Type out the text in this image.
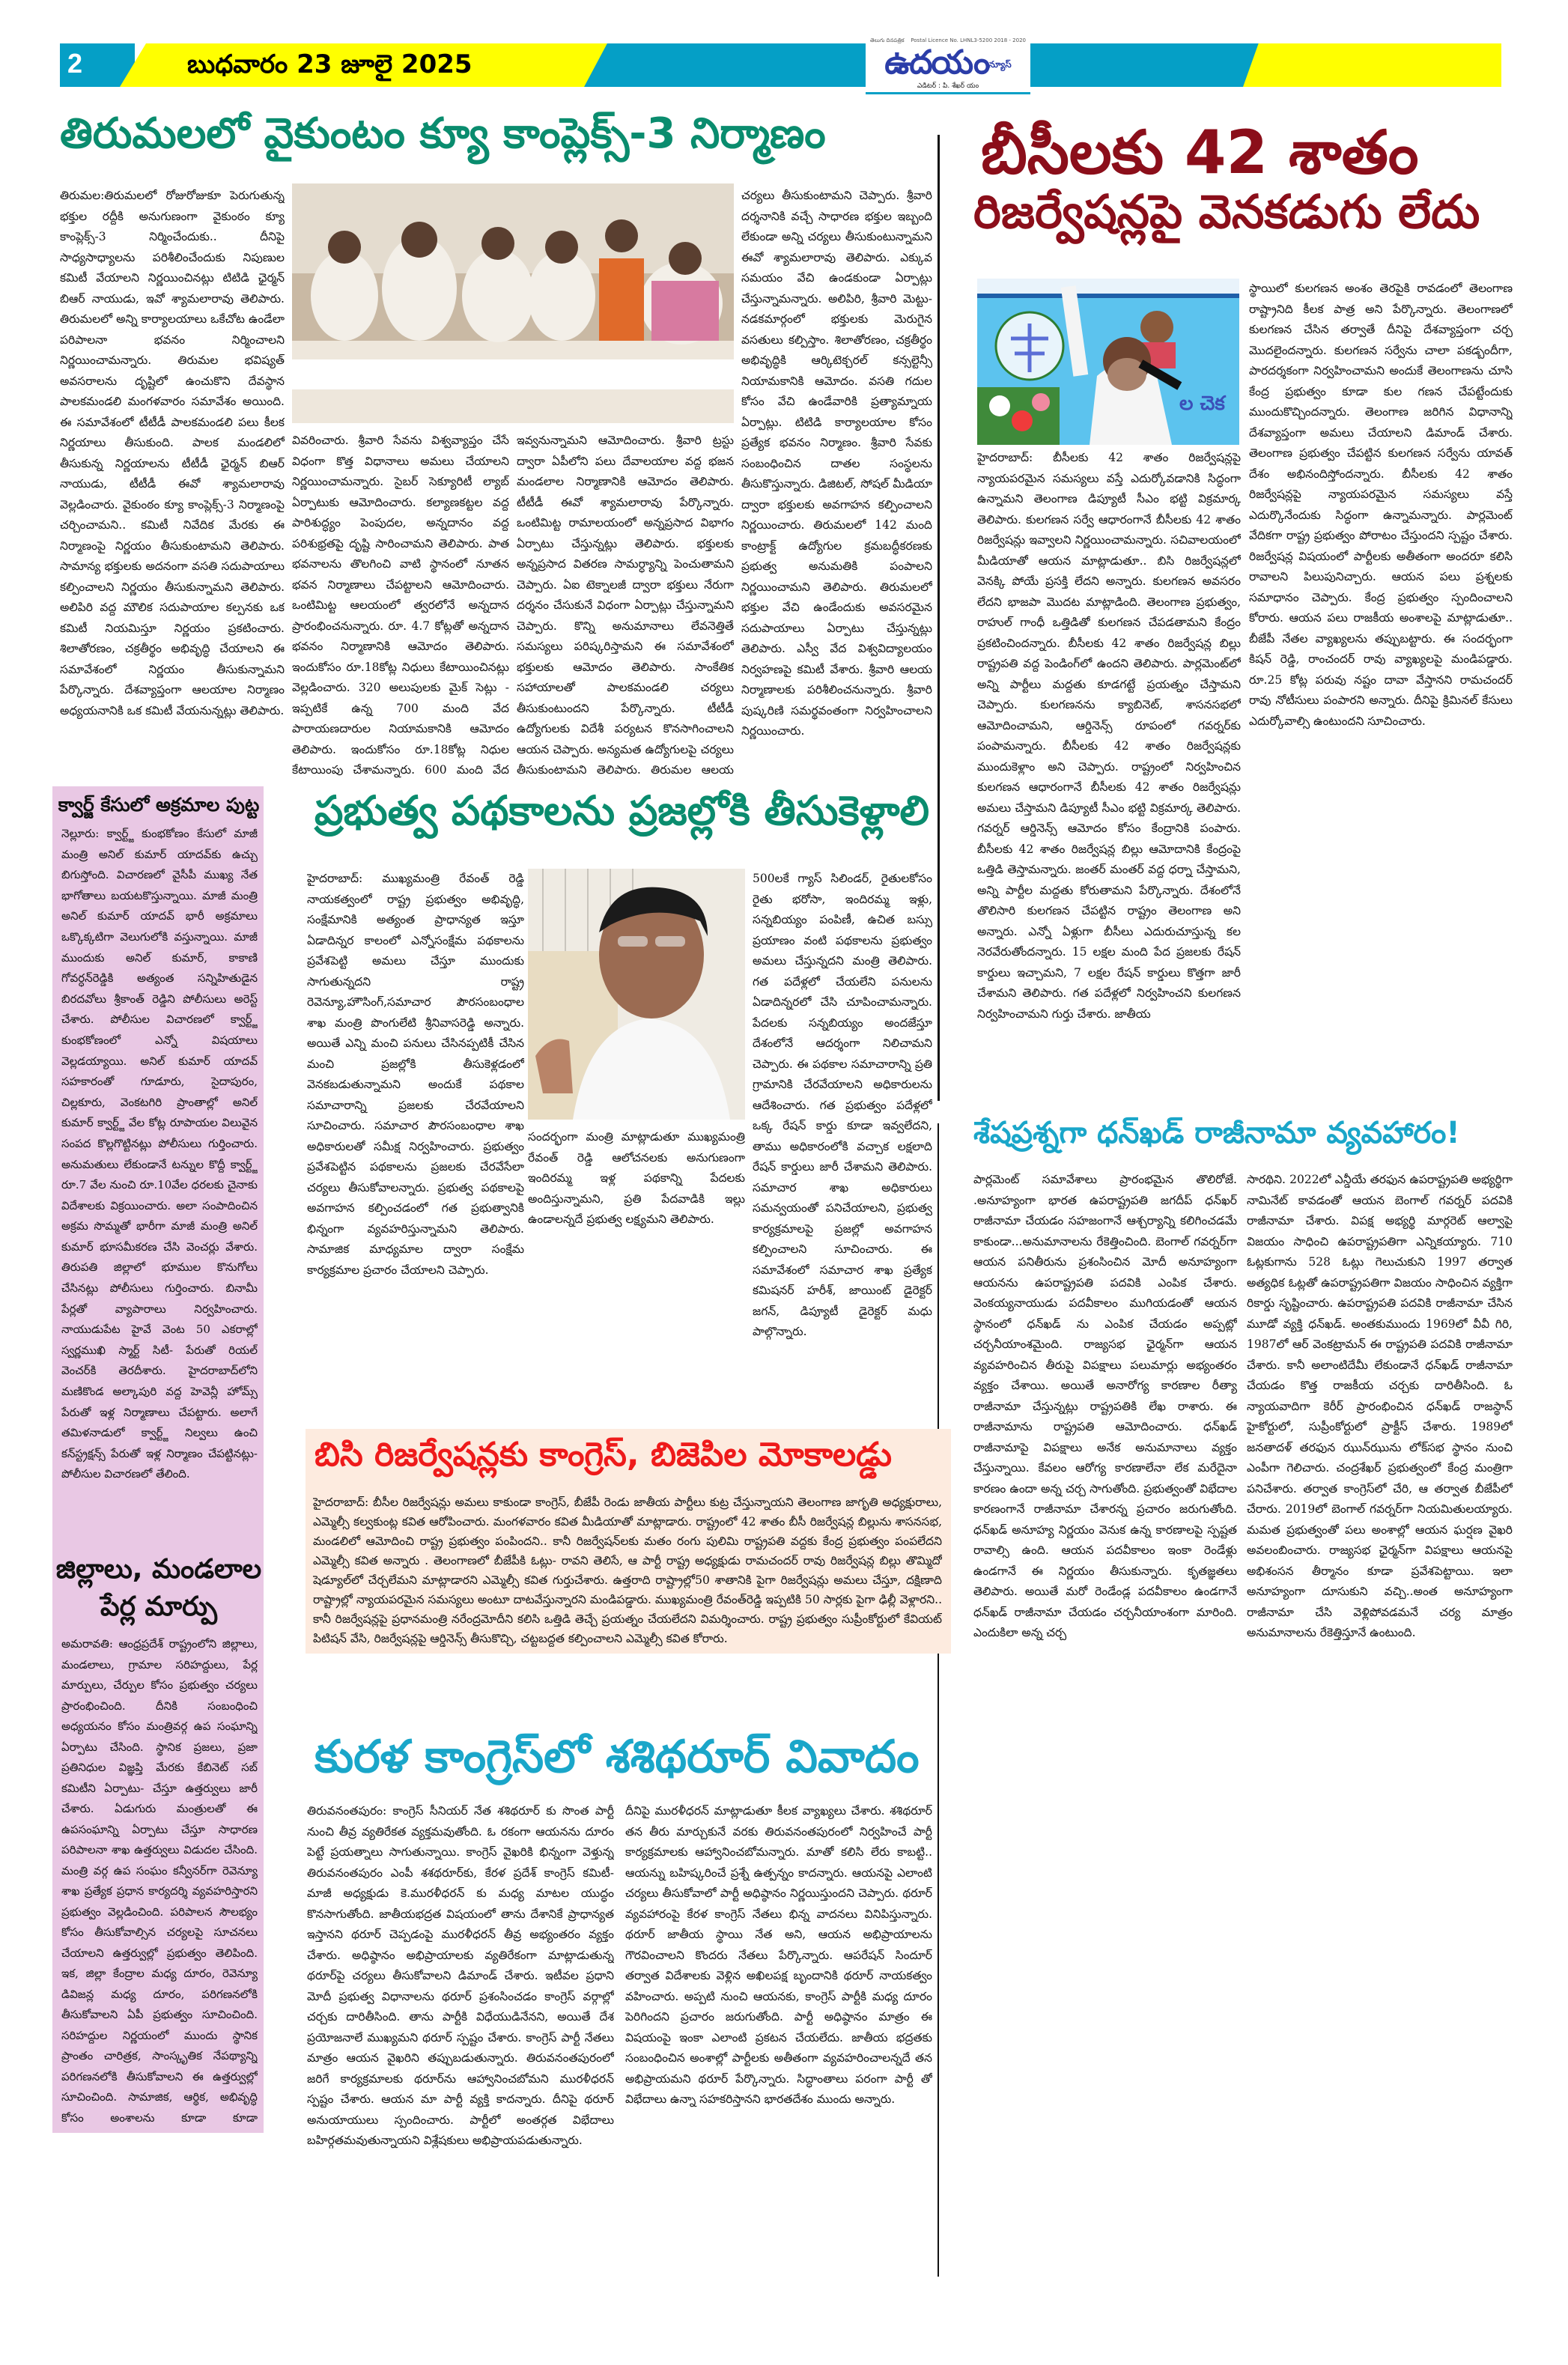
2	బుధవారం 23 జూలై 2025
తెలుగు దినపత్రిక Postal Licence No. LHNL3-5200 2018 - 2020
ఉదయంన్యూస్
ఎడిటర్ : పి. శేఖర్ యం
తిరుమలలో వైకుంటం క్యూ కాంప్లెక్స్-3 నిర్మాణం

తిరుమల:తిరుమలలో రోజురోజుకూ పెరుగుతున్న భక్తుల రద్దీకి అనుగుణంగా వైకుంఠం క్యూ కాంప్లెక్స్-3 నిర్మించేందుకు.. దీనిపై సాధ్యసాధ్యాలను పరిశీలించేందుకు నిపుణుల కమిటీ వేయాలని నిర్ణయించినట్లు టిటిడి ఛైర్మన్ బిఆర్ నాయుడు, ఇవో శ్యామలారావు తెలిపారు. తిరుమలలో అన్ని కార్యాలయాలు ఒకేచోట ఉండేలా పరిపాలనా భవనం నిర్మించాలని నిర్ణయించామన్నారు. తిరుమల భవిష్యత్ అవసరాలను దృష్టిలో ఉంచుకొని దేవస్థాన పాలకమండలి మంగళవారం సమావేశం అయింది. ఈ సమావేశంలో టీటీడీ పాలకమండలి పలు కీలక నిర్ణయాలు తీసుకుంది. పాలక మండలిలో తీసుకున్న నిర్ణయాలను టీటీడీ ఛైర్మన్ బిఆర్ నాయుడు, టీటీడీ ఈవో శ్యామలారావు వెల్లడించారు. వైకుంఠం క్యూ కాంప్లెక్స్-3 నిర్మాణంపై చర్చించామని.. కమిటీ నివేదిక మేరకు ఈ నిర్మాణంపై నిర్ణయం తీసుకుంటామని తెలిపారు. సామాన్య భక్తులకు అదనంగా వసతి సదుపాయాలు కల్పించాలని నిర్ణయం తీసుకున్నామని తెలిపారు. అలిపిరి వద్ద మౌలిక సదుపాయాల కల్పనకు ఒక కమిటీ నియమిస్తూ నిర్ణయం ప్రకటించారు. శిలాతోరణం, చక్రతీర్థం అభివృద్ధి చేయాలని ఈ సమావేశంలో నిర్ణయం తీసుకున్నామని పేర్కొన్నారు. దేశవ్యాప్తంగా ఆలయాల నిర్మాణం అధ్యయనానికి ఒక కమిటీ వేయనున్నట్లు తెలిపారు.

వివరించారు. శ్రీవారి సేవను విశ్వవ్యాప్తం చేసే విధంగా కొత్త విధానాలు అమలు చేయాలని నిర్ణయించామన్నారు. సైబర్ సెక్యూరిటీ ల్యాబ్ ఏర్పాటుకు ఆమోదించారు. కల్యాణకట్టల వద్ద పారిశుద్ధ్యం పెంపుదల, అన్నదానం వద్ద పరిశుభ్రతపై దృష్టి సారించామని తెలిపారు. పాత భవనాలను తొలగించి వాటి స్థానంలో నూతన భవన నిర్మాణాలు చేపట్టాలని ఆమోదించారు. ఒంటిమిట్ట ఆలయంలో త్వరలోనే అన్నదాన ప్రారంభించనున్నారు. రూ. 4.7 కోట్లతో అన్నదాన భవనం నిర్మాణానికి ఆమోదం తెలిపారు. ఇందుకోసం రూ.18కోట్ల నిధులు కేటాయించినట్లు వెల్లడించారు. 320 అలుపులకు మైక్ సెట్లు - ఇప్పటికే ఉన్న 700 మంది వేద పారాయణదారుల నియామకానికి ఆమోదం తెలిపారు. ఇందుకోసం రూ.18కోట్ల నిధుల కేటాయింపు చేశామన్నారు. 600 మంది వేద

ఇవ్వనున్నామని ఆమోదించారు. శ్రీవారి ట్రస్టు ద్వారా ఏపీలోని పలు దేవాలయాల వద్ద భజన మండలాల నిర్మాణానికి ఆమోదం తెలిపారు. టీటీడీ ఈవో శ్యామలారావు పేర్కొన్నారు. ఒంటిమిట్ట రామాలయంలో అన్నప్రసాద విభాగం ఏర్పాటు చేస్తున్నట్లు తెలిపారు. భక్తులకు అన్నప్రసాద వితరణ సామర్ధ్యాన్ని పెంచుతామని చెప్పారు. ఏఐ టెక్నాలజీ ద్వారా భక్తులు నేరుగా దర్శనం చేసుకునే విధంగా ఏర్పాట్లు చేస్తున్నామని చెప్పారు. కొన్ని అనుమానాలు లేవనెత్తితే సమస్యలు పరిష్కరిస్తామని ఈ సమావేశంలో భక్తులకు ఆమోదం తెలిపారు. సాంకేతిక సహాయాలతో పాలకమండలి చర్యలు తీసుకుంటుందని పేర్కొన్నారు. టీటీడీ ఉద్యోగులకు విదేశీ పర్యటన కొనసాగించాలని ఆయన చెప్పారు. అన్యమత ఉద్యోగులపై చర్యలు తీసుకుంటామని తెలిపారు. తిరుమల ఆలయ

చర్యలు తీసుకుంటామని చెప్పారు. శ్రీవారి దర్శనానికి వచ్చే సాధారణ భక్తుల ఇబ్బంది లేకుండా అన్ని చర్యలు తీసుకుంటున్నామని ఈవో శ్యామలారావు తెలిపారు. ఎక్కువ సమయం వేచి ఉండకుండా ఏర్పాట్లు చేస్తున్నామన్నారు. అలిపిరి, శ్రీవారి మెట్టు-నడకమార్గంలో భక్తులకు మెరుగైన వసతులు కల్పిస్తాం. శిలాతోరణం, చక్రతీర్థం అభివృద్ధికి ఆర్కిటెక్చరల్ కన్సల్టెన్సీ నియామకానికి ఆమోదం. వసతి గదుల కోసం వేచి ఉండేవారికి ప్రత్యామ్నాయ ఏర్పాట్లు. టిటిడి కార్యాలయాల కోసం ప్రత్యేక భవనం నిర్మాణం. శ్రీవారి సేవకు సంబంధించిన దాతల సంస్థలను తీసుకొస్తున్నారు. డిజిటల్, సోషల్ మీడియా ద్వారా భక్తులకు అవగాహన కల్పించాలని నిర్ణయించారు. తిరుమలలో 142 మంది కాంట్రాక్ట్ ఉద్యోగుల క్రమబద్ధీకరణకు ప్రభుత్వ అనుమతికి పంపాలని నిర్ణయించామని తెలిపారు. తిరుమలలో భక్తుల వేచి ఉండేందుకు అవసరమైన సదుపాయాలు ఏర్పాటు చేస్తున్నట్లు తెలిపారు. ఎస్వీ వేద విశ్వవిద్యాలయం నిర్వహణపై కమిటీ వేశారు. శ్రీవారి ఆలయ నిర్మాణాలకు పరిశీలించనున్నారు. శ్రీవారి పుష్కరిణి సమర్థవంతంగా నిర్వహించాలని నిర్ణయించారు.

బీసీలకు 42 శాతం
రిజర్వేషన్లపై వెనకడుగు లేదు
ల చెక

హైదరాబాద్: బీసీలకు 42 శాతం రిజర్వేషన్లపై న్యాయపరమైన సమస్యలు వస్తే ఎదుర్కోవడానికి సిద్ధంగా ఉన్నామని తెలంగాణ డిప్యూటీ సీఎం భట్టి విక్రమార్క తెలిపారు. కులగణన సర్వే ఆధారంగానే బీసీలకు 42 శాతం రిజర్వేషన్లు ఇవ్వాలని నిర్ణయించామన్నారు. సచివాలయంలో మీడియాతో ఆయన మాట్లాడుతూ.. బిసి రిజర్వేషన్లలో వెనక్కి పోయే ప్రసక్తి లేదని అన్నారు. కులగణన అవసరం లేదని భాజపా మొదట మాట్లాడింది. తెలంగాణ ప్రభుత్వం, రాహుల్ గాంధీ ఒత్తిడితో కులగణన చేపడతామని కేంద్రం ప్రకటించిందన్నారు. బీసీలకు 42 శాతం రిజర్వేషన్ల బిల్లు రాష్ట్రపతి వద్ద పెండింగ్‌లో ఉందని తెలిపారు. పార్లమెంట్‌లో అన్ని పార్టీలు మద్దతు కూడగట్టే ప్రయత్నం చేస్తామని చెప్పారు. కులగణనను క్యాబినెట్, శాసనసభలో ఆమోదించామని, ఆర్డినెన్స్ రూపంలో గవర్నర్‌కు పంపామన్నారు. బీసీలకు 42 శాతం రిజర్వేషన్లకు ముందుకెళ్లాం అని చెప్పారు. రాష్ట్రంలో నిర్వహించిన కులగణన ఆధారంగానే బీసీలకు 42 శాతం రిజర్వేషన్లు అమలు చేస్తామని డిప్యూటీ సీఎం భట్టి విక్రమార్క తెలిపారు. గవర్నర్ ఆర్డినెన్స్ ఆమోదం కోసం కేంద్రానికి పంపారు. బీసీలకు 42 శాతం రిజర్వేషన్ల బిల్లు ఆమోదానికి కేంద్రంపై ఒత్తిడి తెస్తామన్నారు. జంతర్ మంతర్ వద్ద ధర్నా చేస్తామని, అన్ని పార్టీల మద్దతు కోరుతామని పేర్కొన్నారు. దేశంలోనే తొలిసారి కులగణన చేపట్టిన రాష్ట్రం తెలంగాణ అని అన్నారు. ఎన్నో ఏళ్లుగా బీసీలు ఎదురుచూస్తున్న కల నెరవేరుతోందన్నారు. 15 లక్షల మంది పేద ప్రజలకు రేషన్ కార్డులు ఇచ్చామని, 7 లక్షల రేషన్ కార్డులు కొత్తగా జారీ చేశామని తెలిపారు. గత పదేళ్లలో నిర్వహించని కులగణన నిర్వహించామని గుర్తు చేశారు. జాతీయ

స్థాయిలో కులగణన అంశం తెరపైకి రావడంలో తెలంగాణ రాష్ట్రానిది కీలక పాత్ర అని పేర్కొన్నారు. తెలంగాణలో కులగణన చేసిన తర్వాతే దీనిపై దేశవ్యాప్తంగా చర్చ మొదలైందన్నారు. కులగణన సర్వేను చాలా పకడ్బందీగా, పారదర్శకంగా నిర్వహించామని అందుకే తెలంగాణను చూసి కేంద్ర ప్రభుత్వం కూడా కుల గణన చేపట్టేందుకు ముందుకొచ్చిందన్నారు. తెలంగాణ జరిగిన విధానాన్ని దేశవ్యాప్తంగా అమలు చేయాలని డిమాండ్ చేశారు. తెలంగాణ ప్రభుత్వం చేపట్టిన కులగణన సర్వేను యావత్ దేశం అభినందిస్తోందన్నారు. బీసీలకు 42 శాతం రిజర్వేషన్లపై న్యాయపరమైన సమస్యలు వస్తే ఎదుర్కొనేందుకు సిద్ధంగా ఉన్నామన్నారు. పార్లమెంట్ వేదికగా రాష్ట్ర ప్రభుత్వం పోరాటం చేస్తుందని స్పష్టం చేశారు. రిజర్వేషన్ల విషయంలో పార్టీలకు అతీతంగా అందరూ కలిసి రావాలని పిలుపునిచ్చారు. ఆయన పలు ప్రశ్నలకు సమాధానం చెప్పారు. కేంద్ర ప్రభుత్వం స్పందించాలని కోరారు. ఆయన పలు రాజకీయ అంశాలపై మాట్లాడుతూ.. బీజేపీ నేతల వ్యాఖ్యలను తప్పుబట్టారు. ఈ సందర్భంగా కిషన్ రెడ్డి, రాంచందర్ రావు వ్యాఖ్యలపై మండిపడ్డారు. రూ.25 కోట్ల పరువు నష్టం దావా వేస్తానని రామచందర్ రావు నోటీసులు పంపారని అన్నారు. దీనిపై క్రిమినల్ కేసులు ఎదుర్కోవాల్సి ఉంటుందని సూచించారు.

శేషప్రశ్నగా ధన్‌ఖడ్ రాజీనామా వ్యవహారం!

పార్లమెంట్ సమావేశాలు ప్రారంభమైన తొలిరోజే. .అనూహ్యంగా భారత ఉపరాష్ట్రపతి జగదీప్ ధన్‌ఖర్ రాజీనామా చేయడం సహజంగానే ఆశ్చర్యాన్ని కలిగించడమే కాకుండా...అనుమానాలను రేకెత్తించింది. బెంగాల్ గవర్నర్‌గా ఆయన పనితీరును ప్రశంసించిన మోదీ అనూహ్యంగా ఆయనను ఉపరాష్ట్రపతి పదవికి ఎంపిక చేశారు. వెంకయ్యనాయుడు పదవీకాలం ముగియడంతో ఆయన స్థానంలో ధన్‌ఖడ్ ను ఎంపిక చేయడం అప్పట్లో చర్చనీయాంశమైంది. రాజ్యసభ ఛైర్మన్‌గా ఆయన వ్యవహరించిన తీరుపై విపక్షాలు పలుమార్లు అభ్యంతరం వ్యక్తం చేశాయి. అయితే అనారోగ్య కారణాల రీత్యా రాజీనామా చేస్తున్నట్లు రాష్ట్రపతికి లేఖ రాశారు. ఈ రాజీనామాను రాష్ట్రపతి ఆమోదించారు. ధన్‌ఖడ్ రాజీనామాపై విపక్షాలు అనేక అనుమానాలు వ్యక్తం చేస్తున్నాయి. కేవలం ఆరోగ్య కారణాలేనా లేక మరేదైనా కారణం ఉందా అన్న చర్చ సాగుతోంది. ప్రభుత్వంతో విభేదాల కారణంగానే రాజీనామా చేశారన్న ప్రచారం జరుగుతోంది. ధన్‌ఖడ్ అనూహ్య నిర్ణయం వెనుక ఉన్న కారణాలపై స్పష్టత రావాల్సి ఉంది. ఆయన పదవీకాలం ఇంకా రెండేళ్లు ఉండగానే ఈ నిర్ణయం తీసుకున్నారు. కృతజ్ఞతలు తెలిపారు. అయితే మరో రెండేండ్ల పదవీకాలం ఉండగానే ధన్‌ఖడ్ రాజీనామా చేయడం చర్చనీయాంశంగా మారింది. ఎందుకిలా అన్న చర్చ

సారథిని. 2022లో ఎన్డీయే తరఫున ఉపరాష్ట్రపతి అభ్యర్థిగా నామినేట్ కావడంతో ఆయన బెంగాల్ గవర్నర్ పదవికి రాజీనామా చేశారు. విపక్ష అభ్యర్థి మార్గరెట్ ఆల్వాపై విజయం సాధించి ఉపరాష్ట్రపతిగా ఎన్నికయ్యారు. 710 ఓట్లకుగాను 528 ఓట్లు గెలుచుకుని 1997 తర్వాత అత్యధిక ఓట్లతో ఉపరాష్ట్రపతిగా విజయం సాధించిన వ్యక్తిగా రికార్డు సృష్టించారు. ఉపరాష్ట్రపతి పదవికి రాజీనామా చేసిన మూడో వ్యక్తి ధన్‌ఖడ్. అంతకుముందు 1969లో వీవీ గిరి, 1987లో ఆర్ వెంకట్రామన్ ఈ రాష్ట్రపతి పదవికి రాజీనామా చేశారు. కానీ అలాంటిదేమీ లేకుండానే ధన్‌ఖడ్ రాజీనామా చేయడం కొత్త రాజకీయ చర్చకు దారితీసింది. ఓ న్యాయవాదిగా కెరీర్ ప్రారంభించిన ధన్‌ఖడ్ రాజస్థాన్ హైకోర్టులో, సుప్రీంకోర్టులో ప్రాక్టీస్ చేశారు. 1989లో జనతాదళ్ తరఫున ఝున్‌ఝును లోక్‌సభ స్థానం నుంచి ఎంపీగా గెలిచారు. చంద్రశేఖర్ ప్రభుత్వంలో కేంద్ర మంత్రిగా పనిచేశారు. తర్వాత కాంగ్రెస్‌లో చేరి, ఆ తర్వాత బీజేపీలో చేరారు. 2019లో బెంగాల్ గవర్నర్‌గా నియమితులయ్యారు. మమత ప్రభుత్వంతో పలు అంశాల్లో ఆయన ఘర్షణ వైఖరి అవలంబించారు. రాజ్యసభ ఛైర్మన్‌గా విపక్షాలు ఆయనపై అభిశంసన తీర్మానం కూడా ప్రవేశపెట్టాయి. ఇలా అనూహ్యంగా దూసుకుని వచ్చి..అంత అనూహ్యంగా రాజీనామా చేసి వెళ్లిపోవడమనే చర్య మాత్రం అనుమానాలను రేకెత్తిస్తూనే ఉంటుంది.

క్వార్జ్ కేసులో అక్రమాల పుట్ట

నెల్లూరు: క్వార్ట్జ్ కుంభకోణం కేసులో మాజీ మంత్రి అనిల్ కుమార్ యాదవ్‌కు ఉచ్చు బిగుస్తోంది. విచారణలో వైసీపీ ముఖ్య నేత భాగోతాలు బయటకొస్తున్నాయి. మాజీ మంత్రి అనిల్ కుమార్ యాదవ్ భారీ అక్రమాలు ఒక్కొక్కటిగా వెలుగులోకి వస్తున్నాయి. మాజీ ముందుకు అనిల్ కుమార్, కాకాణి గోవర్ధన్‌రెడ్డికి అత్యంత సన్నిహితుడైన బిరదవోలు శ్రీకాంత్ రెడ్డిని పోలీసులు అరెస్ట్ చేశారు. పోలీసుల విచారణలో క్వార్ట్జ్ కుంభకోణంలో ఎన్నో విషయాలు వెల్లడయ్యాయి. అనిల్ కుమార్ యాదవ్ సహకారంతో గూడూరు, సైదాపురం, చిల్లకూరు, వెంకటగిరి ప్రాంతాల్లో అనిల్ కుమార్ క్వార్ట్జ్ వేల కోట్ల రూపాయల విలువైన సంపద కొల్లగొట్టినట్లు పోలీసులు గుర్తించారు. అనుమతులు లేకుండానే టన్నుల కొద్దీ క్వార్ట్జ్ రూ.7 వేల నుంచి రూ.10వేల ధరలకు చైనాకు విదేశాలకు విక్రయించారు. అలా సంపాదించిన అక్రమ సొమ్మతో భారీగా మాజీ మంత్రి అనిల్ కుమార్ భూసమీకరణ చేసి వెంచర్లు వేశారు. తిరుపతి జిల్లాలో భూముల కొనుగోలు చేసినట్లు పోలీసులు గుర్తించారు. బినామీ పేర్లతో వ్యాపారాలు నిర్వహించారు. నాయుడుపేట హైవే వెంట 50 ఎకరాల్లో స్వర్ణముఖి స్మార్ట్ సిటీ- పేరుతో రియల్ వెంచర్‌కి తెరదీశారు. హైదరాబాద్‌లోని మణికొండ అల్కాపురి వద్ద హెవెన్లీ హోమ్స్ పేరుతో ఇళ్ల నిర్మాణాలు చేపట్టారు. అలాగే తమిళనాడులో క్వార్ట్జ్ నిల్వలు ఉంచి కన్‌స్ట్రక్షన్స్ పేరుతో ఇళ్ల నిర్మాణం చేపట్టినట్లు- పోలీసుల విచారణలో తేలింది.

జిల్లాలు, మండలాల
పేర్ల మార్పు

అమరావతి: ఆంధ్రప్రదేశ్ రాష్ట్రంలోని జిల్లాలు, మండలాలు, గ్రామాల సరిహద్దులు, పేర్ల మార్పులు, చేర్పుల కోసం ప్రభుత్వం చర్యలు ప్రారంభించింది. దీనికి సంబంధించి అధ్యయనం కోసం మంత్రివర్గ ఉప సంఘాన్ని ఏర్పాటు చేసింది. స్థానిక ప్రజలు, ప్రజా ప్రతినిధుల విజ్ఞప్తి మేరకు కేబినెట్ సబ్ కమిటీని ఏర్పాటు- చేస్తూ ఉత్తర్వులు జారీ చేశారు. ఏడుగురు మంత్రులతో ఈ ఉపసంఘాన్ని ఏర్పాటు చేస్తూ సాధారణ పరిపాలనా శాఖ ఉత్తర్వులు విడుదల చేసింది. మంత్రి వర్గ ఉప సంఘం కన్వీనర్‌గా రెవెన్యూ శాఖ ప్రత్యేక ప్రధాన కార్యదర్శి వ్యవహరిస్తారని ప్రభుత్వం వెల్లడించింది. పరిపాలన సౌలభ్యం కోసం తీసుకోవాల్సిన చర్యలపై సూచనలు చేయాలని ఉత్తర్వుల్లో ప్రభుత్వం తెలిపింది. ఇక, జిల్లా కేంద్రాల మధ్య దూరం, రెవెన్యూ డివిజన్ల మధ్య దూరం, పరిగణనలోకి తీసుకోవాలని ఏపీ ప్రభుత్వం సూచించింది. సరిహద్దుల నిర్ణయంలో ముందు స్థానిక ప్రాంతం చారిత్రక, సాంస్కృతిక నేపథ్యాన్ని పరిగణనలోకి తీసుకోవాలని ఈ ఉత్తర్వుల్లో సూచించింది. సామాజిక, ఆర్థిక, అభివృద్ధి కోసం అంశాలను కూడా కూడా

ప్రభుత్వ పథకాలను ప్రజల్లోకి తీసుకెళ్లాలి

హైదరాబాద్: ముఖ్యమంత్రి రేవంత్ రెడ్డి నాయకత్వంలో రాష్ట్ర ప్రభుత్వం అభివృద్ధి, సంక్షేమానికి అత్యంత ప్రాధాన్యత ఇస్తూ ఏడాదిన్నర కాలంలో ఎన్నోసంక్షేమ పథకాలను ప్రవేశపెట్టి అమలు చేస్తూ ముందుకు సాగుతున్నదని రాష్ట్ర రెవెన్యూ,హౌసింగ్,సమాచార పౌరసంబంధాల శాఖ మంత్రి పొంగులేటి శ్రీనివాసరెడ్డి అన్నారు. అయితే ఎన్ని మంచి పనులు చేసినప్పటికీ చేసిన మంచి ప్రజల్లోకి తీసుకెళ్లడంలో వెనకబడుతున్నామని అందుకే పథకాల సమాచారాన్ని ప్రజలకు చేరవేయాలని సూచించారు. సమాచార పౌరసంబంధాల శాఖ అధికారులతో సమీక్ష నిర్వహించారు. ప్రభుత్వం ప్రవేశపెట్టిన పథకాలను ప్రజలకు చేరవేసేలా చర్యలు తీసుకోవాలన్నారు. ప్రభుత్వ పథకాలపై అవగాహన కల్పించడంలో గత ప్రభుత్వానికి భిన్నంగా వ్యవహరిస్తున్నామని తెలిపారు. సామాజిక మాధ్యమాల ద్వారా సంక్షేమ కార్యక్రమాల ప్రచారం చేయాలని చెప్పారు.

సందర్భంగా మంత్రి మాట్లాడుతూ ముఖ్యమంత్రి రేవంత్ రెడ్డి ఆలోచనలకు అనుగుణంగా ఇందిరమ్మ ఇళ్ల పథకాన్ని పేదలకు అందిస్తున్నామని, ప్రతి పేదవాడికి ఇల్లు ఉండాలన్నదే ప్రభుత్వ లక్ష్యమని తెలిపారు.

500లకే గ్యాస్ సిలిండర్, రైతులకోసం రైతు భరోసా, ఇందిరమ్మ ఇళ్లు, సన్నబియ్యం పంపిణీ, ఉచిత బస్సు ప్రయాణం వంటి పథకాలను ప్రభుత్వం అమలు చేస్తున్నదని మంత్రి తెలిపారు. గత పదేళ్లలో చేయలేని పనులను ఏడాదిన్నరలో చేసి చూపించామన్నారు. పేదలకు సన్నబియ్యం అందజేస్తూ దేశంలోనే ఆదర్శంగా నిలిచామని చెప్పారు. ఈ పథకాల సమాచారాన్ని ప్రతి గ్రామానికి చేరవేయాలని అధికారులను ఆదేశించారు. గత ప్రభుత్వం పదేళ్లలో ఒక్క రేషన్ కార్డు కూడా ఇవ్వలేదని, తాము అధికారంలోకి వచ్చాక లక్షలాది రేషన్ కార్డులు జారీ చేశామని తెలిపారు. సమాచార శాఖ అధికారులు సమన్వయంతో పనిచేయాలని, ప్రభుత్వ కార్యక్రమాలపై ప్రజల్లో అవగాహన కల్పించాలని సూచించారు. ఈ సమావేశంలో సమాచార శాఖ ప్రత్యేక కమిషనర్ హరీశ్, జాయింట్ డైరెక్టర్ జగన్, డిప్యూటీ డైరెక్టర్ మధు పాల్గొన్నారు.

బిసి రిజర్వేషన్లకు కాంగ్రెస్, బిజెపిల మోకాలడ్డు

హైదరాబాద్: బీసీల రిజర్వేషన్లు అమలు కాకుండా కాంగ్రెస్, బీజేపీ రెండు జాతీయ పార్టీలు కుట్ర చేస్తున్నాయని తెలంగాణ జాగృతి అధ్యక్షురాలు, ఎమ్మెల్సీ కల్వకుంట్ల కవిత ఆరోపించారు. మంగళవారం కవిత మీడియాతో మాట్లాడారు. రాష్ట్రంలో 42 శాతం బీసీ రిజర్వేషన్ల బిల్లును శాసనసభ, మండలిలో ఆమోదించి రాష్ట్ర ప్రభుత్వం పంపిందని.. కానీ రిజర్వేషన్‌లకు మతం రంగు పులిమి రాష్ట్రపతి వద్దకు కేంద్ర ప్రభుత్వం పంపలేదని ఎమ్మెల్సీ కవిత అన్నారు . తెలంగాణలో బీజేపీకి ఓట్లు- రావని తెలిసే, ఆ పార్టీ రాష్ట్ర అధ్యక్షుడు రామచందర్ రావు రిజర్వేషన్ల బిల్లు తొమ్మిదో షెడ్యూల్‌లో చేర్చలేమని మాట్లాడారని ఎమ్మెల్సీ కవిత గుర్తుచేశారు. ఉత్తరాది రాష్ట్రాల్లో50 శాతానికి పైగా రిజర్వేషన్లు అమలు చేస్తూ, దక్షిణాది రాష్ట్రాల్లో న్యాయపరమైన సమస్యలు అంటూ దాటవేస్తున్నారని మండిపడ్డారు. ముఖ్యమంత్రి రేవంత్‌రెడ్డి ఇప్పటికి 50 సార్లకు పైగా ఢిల్లీ వెళ్లారని.. కానీ రిజర్వేషన్లపై ప్రధానమంత్రి నరేంద్రమోదీని కలిసి ఒత్తిడి తెచ్చే ప్రయత్నం చేయలేదని విమర్శించారు. రాష్ట్ర ప్రభుత్వం సుప్రీంకోర్టులో కేవియట్ పిటిషన్ వేసి, రిజర్వేషన్లపై ఆర్డినెన్స్ తీసుకొచ్చి, చట్టబద్దత కల్పించాలని ఎమ్మెల్సీ కవిత కోరారు.

కురళ కాంగ్రెస్‌లో శశిథరూర్ వివాదం

తిరువనంతపురం: కాంగ్రెస్ సీనియర్ నేత శశిథరూర్ కు సొంత పార్టీ నుంచి తీవ్ర వ్యతిరేకత వ్యక్తమవుతోంది. ఓ రకంగా ఆయనను దూరం పెట్టే ప్రయత్నాలు సాగుతున్నాయి. కాంగ్రెస్ వైఖరికి భిన్నంగా వెళ్తున్న తిరువనంతపురం ఎంపీ శశథరూర్‌కు, కేరళ ప్రదేశ్ కాంగ్రెస్ కమిటీ- మాజీ అధ్యక్షుడు కె.మురళీధరన్ కు మధ్య మాటల యుద్ధం కొనసాగుతోంది. జాతీయభద్రత విషయంలో తాను దేశానికే ప్రాధాన్యత ఇస్తానని థరూర్ చెప్పడంపై మురళీధరన్ తీవ్ర అభ్యంతరం వ్యక్తం చేశారు. అధిష్ఠానం అభిప్రాయాలకు వ్యతిరేకంగా మాట్లాడుతున్న థరూర్‌పై చర్యలు తీసుకోవాలని డిమాండ్ చేశారు. ఇటీవల ప్రధాని మోదీ ప్రభుత్వ విధానాలను థరూర్ ప్రశంసించడం కాంగ్రెస్ వర్గాల్లో చర్చకు దారితీసింది. తాను పార్టీకి విధేయుడినేనని, అయితే దేశ ప్రయోజనాలే ముఖ్యమని థరూర్ స్పష్టం చేశారు. కాంగ్రెస్ పార్టీ నేతలు మాత్రం ఆయన వైఖరిని తప్పుబడుతున్నారు. తిరువనంతపురంలో జరిగే కార్యక్రమాలకు థరూర్‌ను ఆహ్వానించబోమని మురళీధరన్ స్పష్టం చేశారు. ఆయన మా పార్టీ వ్యక్తి కాదన్నారు. దీనిపై థరూర్ అనుయాయులు స్పందించారు. పార్టీలో అంతర్గత విభేదాలు బహిర్గతమవుతున్నాయని విశ్లేషకులు అభిప్రాయపడుతున్నారు.

దీనిపై మురళీధరన్ మాట్లాడుతూ కీలక వ్యాఖ్యలు చేశారు. శశిథరూర్ తన తీరు మార్చుకునే వరకు తిరువనంతపురంలో నిర్వహించే పార్టీ కార్యక్రమాలకు ఆహ్వానించబోమన్నారు. మాతో కలిసి లేరు కాబట్టి.. ఆయన్ను బహిష్కరించే ప్రశ్నే ఉత్పన్నం కాదన్నారు. ఆయనపై ఎలాంటి చర్యలు తీసుకోవాలో పార్టీ అధిష్ఠానం నిర్ణయిస్తుందని చెప్పారు. థరూర్ వ్యవహారంపై కేరళ కాంగ్రెస్ నేతలు భిన్న వాదనలు వినిపిస్తున్నారు. థరూర్ జాతీయ స్థాయి నేత అని, ఆయన అభిప్రాయాలను గౌరవించాలని కొందరు నేతలు పేర్కొన్నారు. ఆపరేషన్ సిందూర్ తర్వాత విదేశాలకు వెళ్లిన అఖిలపక్ష బృందానికి థరూర్ నాయకత్వం వహించారు. అప్పటి నుంచి ఆయనకు, కాంగ్రెస్ పార్టీకి మధ్య దూరం పెరిగిందని ప్రచారం జరుగుతోంది. పార్టీ అధిష్ఠానం మాత్రం ఈ విషయంపై ఇంకా ఎలాంటి ప్రకటన చేయలేదు. జాతీయ భద్రతకు సంబంధించిన అంశాల్లో పార్టీలకు అతీతంగా వ్యవహరించాలన్నదే తన అభిప్రాయమని థరూర్ పేర్కొన్నారు. సిద్ధాంతాలు పరంగా పార్టీ తో విభేదాలు ఉన్నా సహకరిస్తానని భారతదేశం ముందు అన్నారు.
